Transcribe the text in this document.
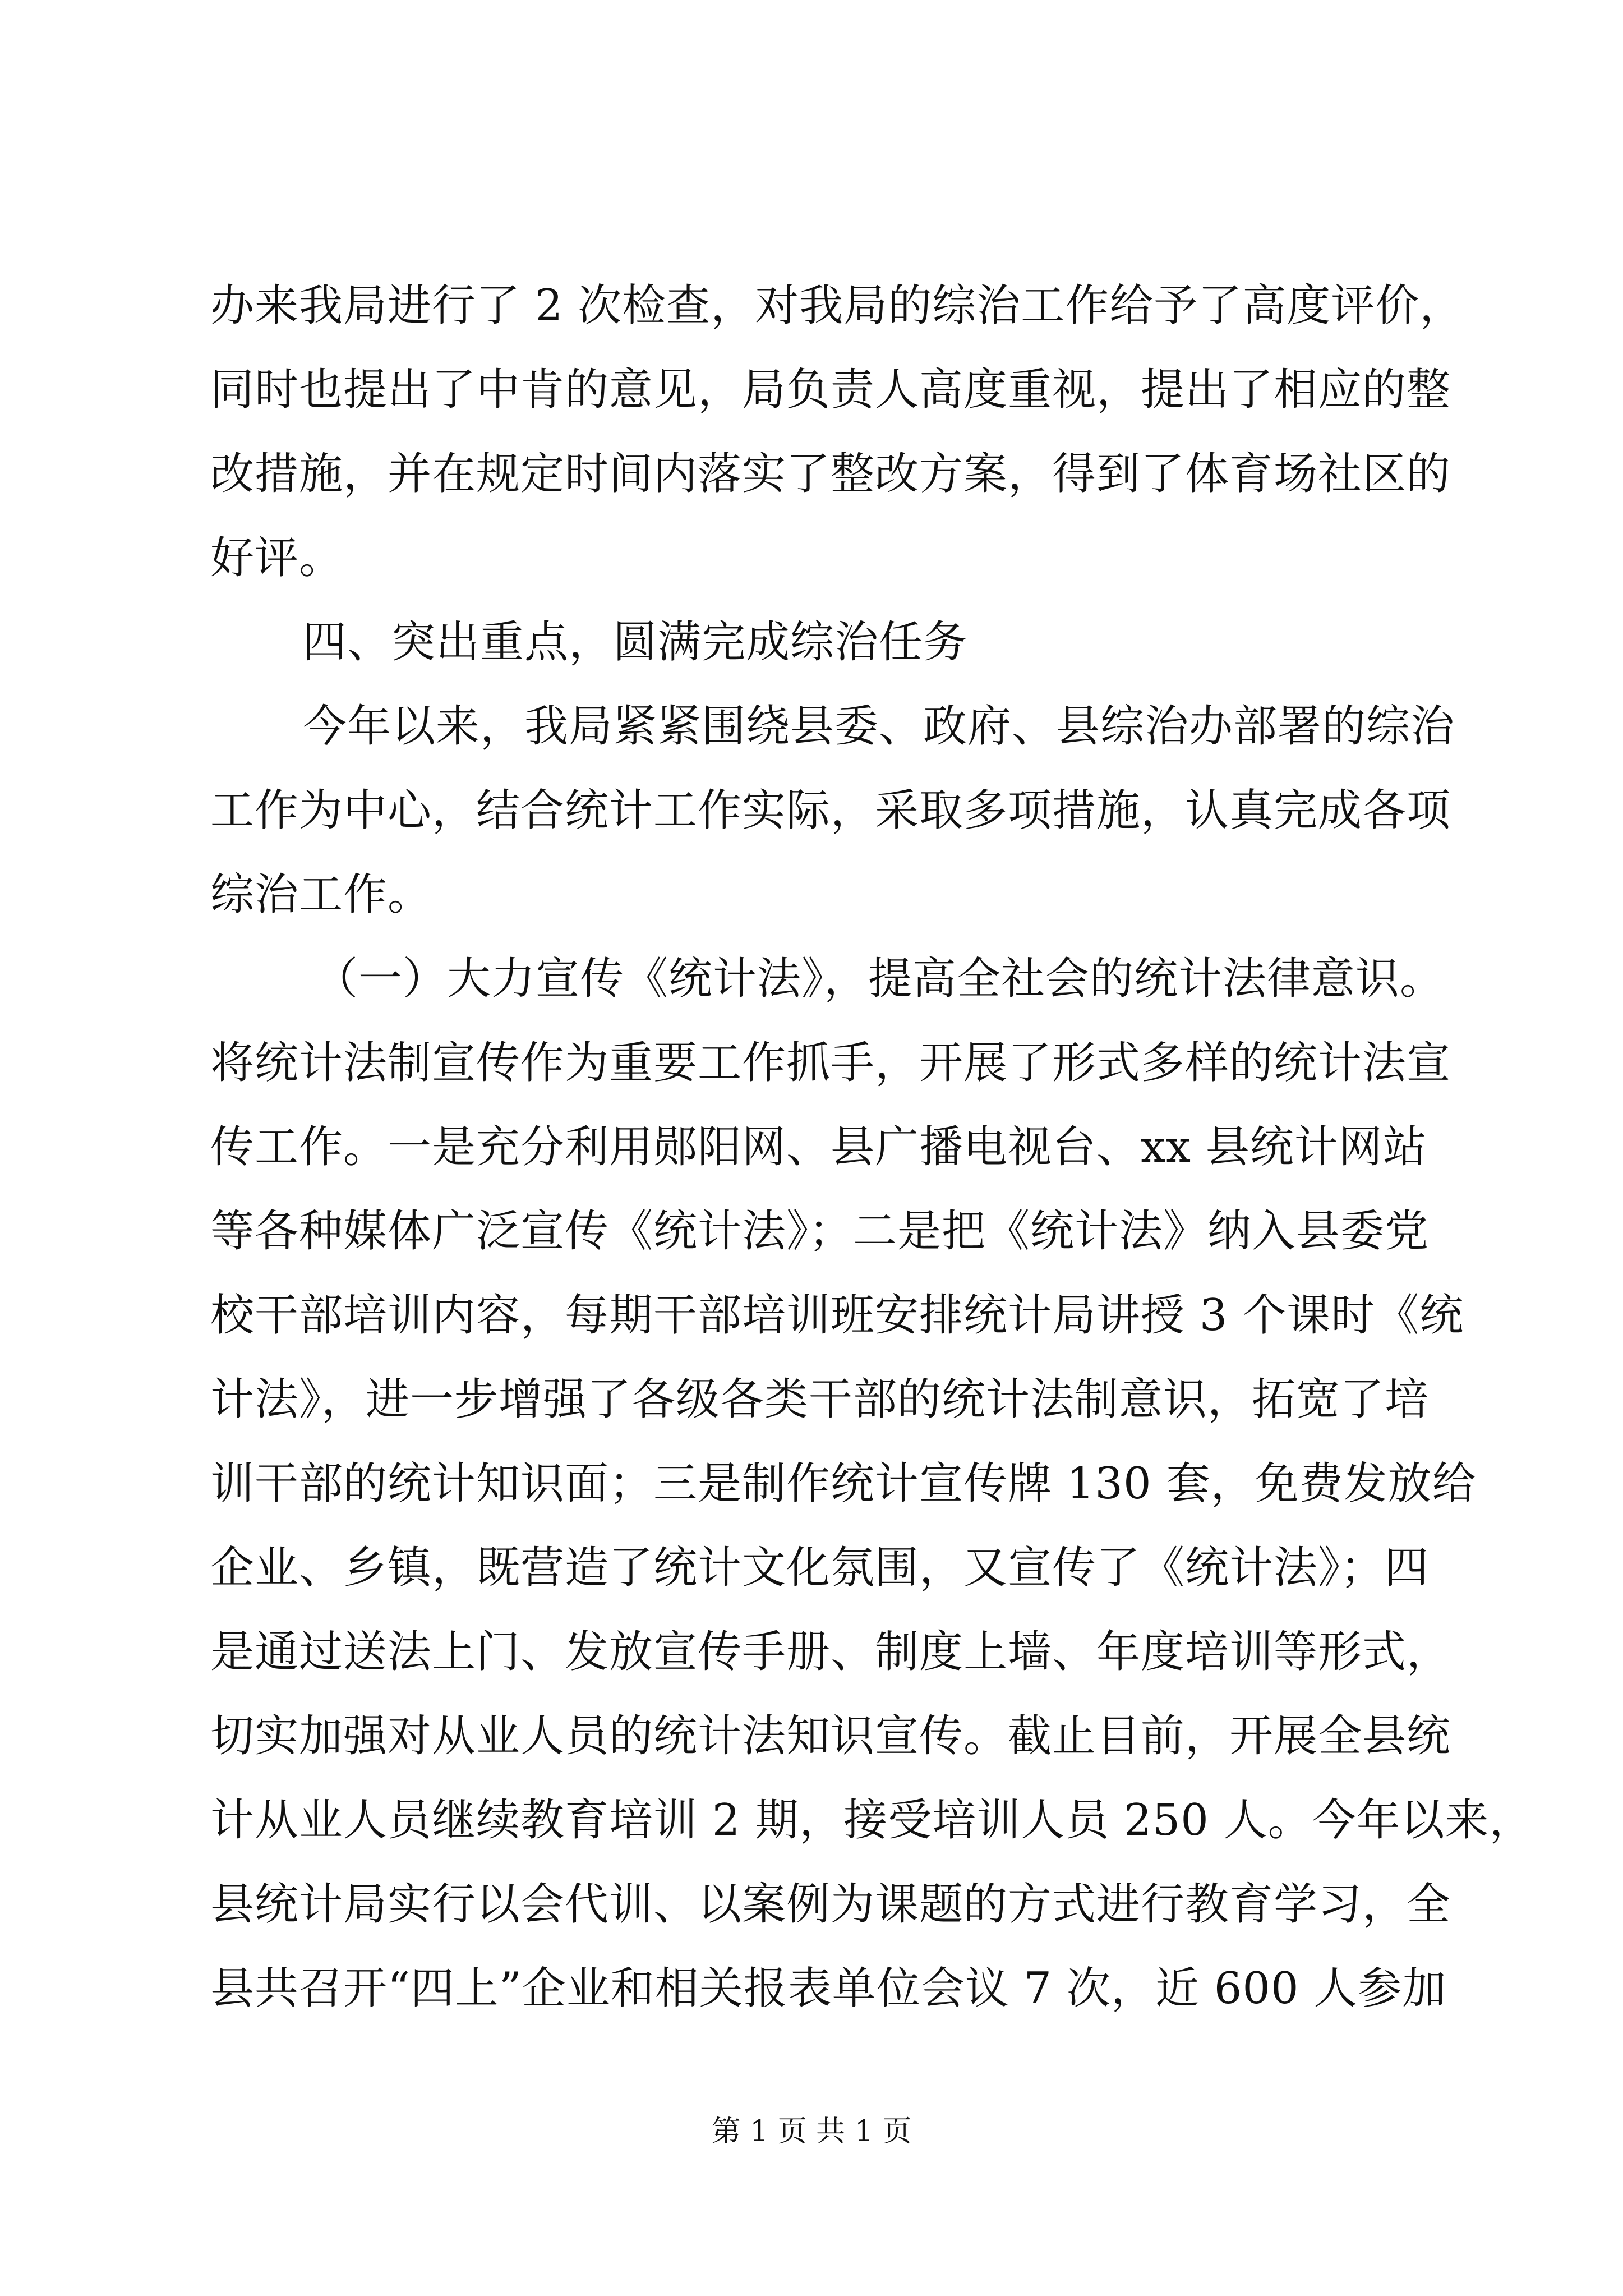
办来我局进行了 2 次检查，对我局的综治工作给予了高度评价，
同时也提出了中肯的意见，局负责人高度重视，提出了相应的整
改措施，并在规定时间内落实了整改方案，得到了体育场社区的
好评。
四、突出重点，圆满完成综治任务
今年以来，我局紧紧围绕县委、政府、县综治办部署的综治
工作为中心，结合统计工作实际，采取多项措施，认真完成各项
综治工作。
（一）大力宣传《统计法》，提高全社会的统计法律意识。
将统计法制宣传作为重要工作抓手，开展了形式多样的统计法宣
传工作。一是充分利用郧阳网、县广播电视台、xx 县统计网站
等各种媒体广泛宣传《统计法》；二是把《统计法》纳入县委党
校干部培训内容，每期干部培训班安排统计局讲授 3 个课时《统
计法》，进一步增强了各级各类干部的统计法制意识，拓宽了培
训干部的统计知识面；三是制作统计宣传牌 130 套，免费发放给
企业、乡镇，既营造了统计文化氛围，又宣传了《统计法》；四
是通过送法上门、发放宣传手册、制度上墙、年度培训等形式，
切实加强对从业人员的统计法知识宣传。截止目前，开展全县统
计从业人员继续教育培训 2 期，接受培训人员 250 人。今年以来，
县统计局实行以会代训、以案例为课题的方式进行教育学习，全
县共召开“四上”企业和相关报表单位会议 7 次，近 600 人参加
第 1 页 共 1 页
